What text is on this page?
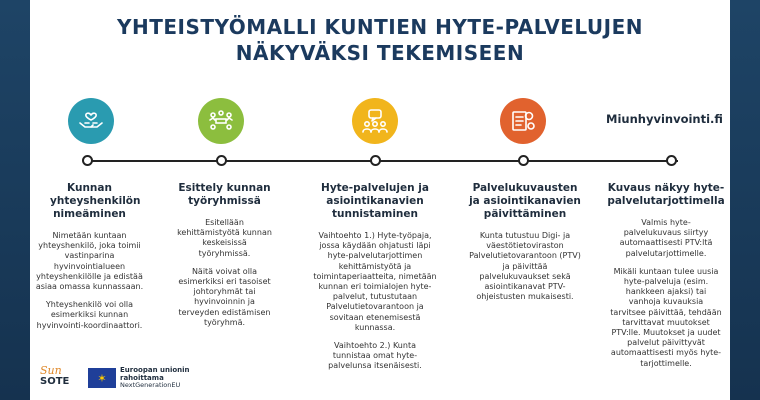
YHTEISTYÖMALLI KUNTIEN HYTE-PALVELUJEN
NÄKYVÄKSI TEKEMISEEN
Miunhyvinvointi.fi
Kunnan yhteyshenkilön nimeäminen
Nimetään kuntaan yhteyshenkilö, joka toimii vastinparina hyvinvointialueen yhteyshenkilölle ja edistää asiaa omassa kunnassaan.
Yhteyshenkilö voi olla esimerkiksi kunnan hyvinvointi-koordinaattori.
Esittely kunnan työryhmissä
Esitellään kehittämistyötä kunnan keskeisissä työryhmissä.
Näitä voivat olla esimerkiksi eri tasoiset johtoryhmät tai hyvinvoinnin ja terveyden edistämisen työryhmä.
Hyte-palvelujen ja asiointikanavien tunnistaminen
Vaihtoehto 1.) Hyte-työpaja, jossa käydään ohjatusti läpi hyte-palvelutarjottimen kehittämistyötä ja toimintaperiaatteita, nimetään kunnan eri toimialojen hyte-palvelut, tutustutaan Palvelutietovarantoon ja sovitaan etenemisestä kunnassa.
Vaihtoehto 2.) Kunta tunnistaa omat hyte-palvelunsa itsenäisesti.
Palvelukuvausten ja asiointikanavien päivittäminen
Kunta tutustuu Digi- ja väestötietoviraston Palvelutietovarantoon (PTV) ja päivittää palvelukuvaukset sekä asiointikanavat PTV-ohjeistusten mukaisesti.
Kuvaus näkyy hyte-palvelutarjottimella
Valmis hyte-palvelukuvaus siirtyy automaattisesti PTV:ltä palvelutarjottimelle.
Mikäli kuntaan tulee uusia hyte-palveluja (esim. hankkeen ajaksi) tai vanhoja kuvauksia tarvitsee päivittää, tehdään tarvittavat muutokset PTV:lle. Muutokset ja uudet palvelut päivittyvät automaattisesti myös hyte-tarjottimelle.
Sun
SOTE	✶
Euroopan unionin
rahoittama
NextGenerationEU
